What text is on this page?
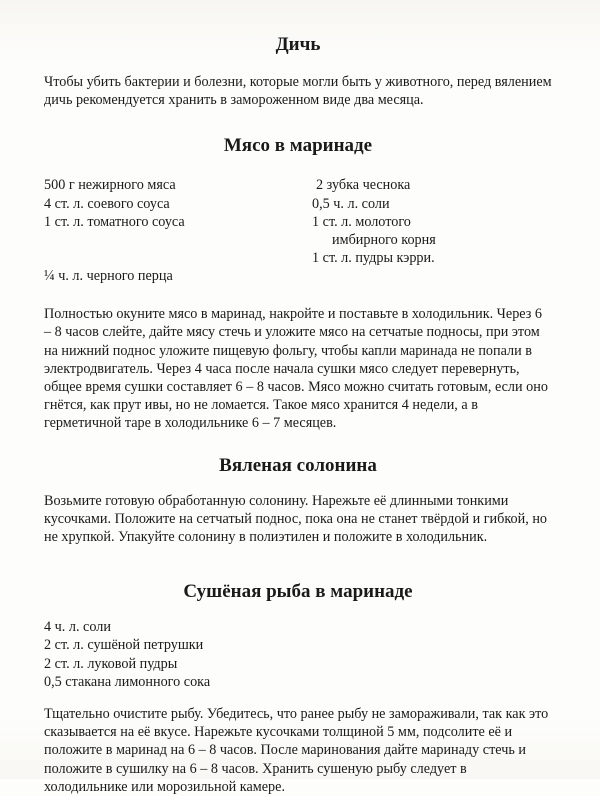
Дичь

Чтобы убить бактерии и болезни, которые могли быть у животного, перед вялением дичь рекомендуется хранить в замороженном виде два месяца.

Мясо в маринаде
500 г нежирного мяса
4 ст. л. соевого соуса
1 ст. л. томатного соуса
¼ ч. л. черного перца
2 зубка чеснока
0,5 ч. л. соли
1 ст. л. молотого
имбирного корня
1 ст. л. пудры кэрри.

Полностью окуните мясо в маринад, накройте и поставьте в холодильник. Через 6 – 8 часов слейте, дайте мясу стечь и уложите мясо на сетчатые подносы, при этом на нижний поднос уложите пищевую фольгу, чтобы капли маринада не попали в электродвигатель. Через 4 часа после начала сушки мясо следует перевернуть, общее время сушки составляет 6 – 8 часов. Мясо можно считать готовым, если оно гнётся, как прут ивы, но не ломается. Такое мясо хранится 4 недели, а в герметичной таре в холодильнике 6 – 7 месяцев.

Вяленая солонина

Возьмите готовую обработанную солонину. Нарежьте её длинными тонкими кусочками. Положите на сетчатый поднос, пока она не станет твёрдой и гибкой, но не хрупкой. Упакуйте солонину в полиэтилен и положите в холодильник.

Сушёная рыба в маринаде
4 ч. л. соли
2 ст. л. сушёной петрушки
2 ст. л. луковой пудры
0,5 стакана лимонного сока

Тщательно очистите рыбу. Убедитесь, что ранее рыбу не замораживали, так как это сказывается на её вкусе. Нарежьте кусочками толщиной 5 мм, подсолите её и положите в маринад на 6 – 8 часов. После маринования дайте маринаду стечь и положите в сушилку на 6 – 8 часов. Хранить сушеную рыбу следует в холодильнике или морозильной камере.
